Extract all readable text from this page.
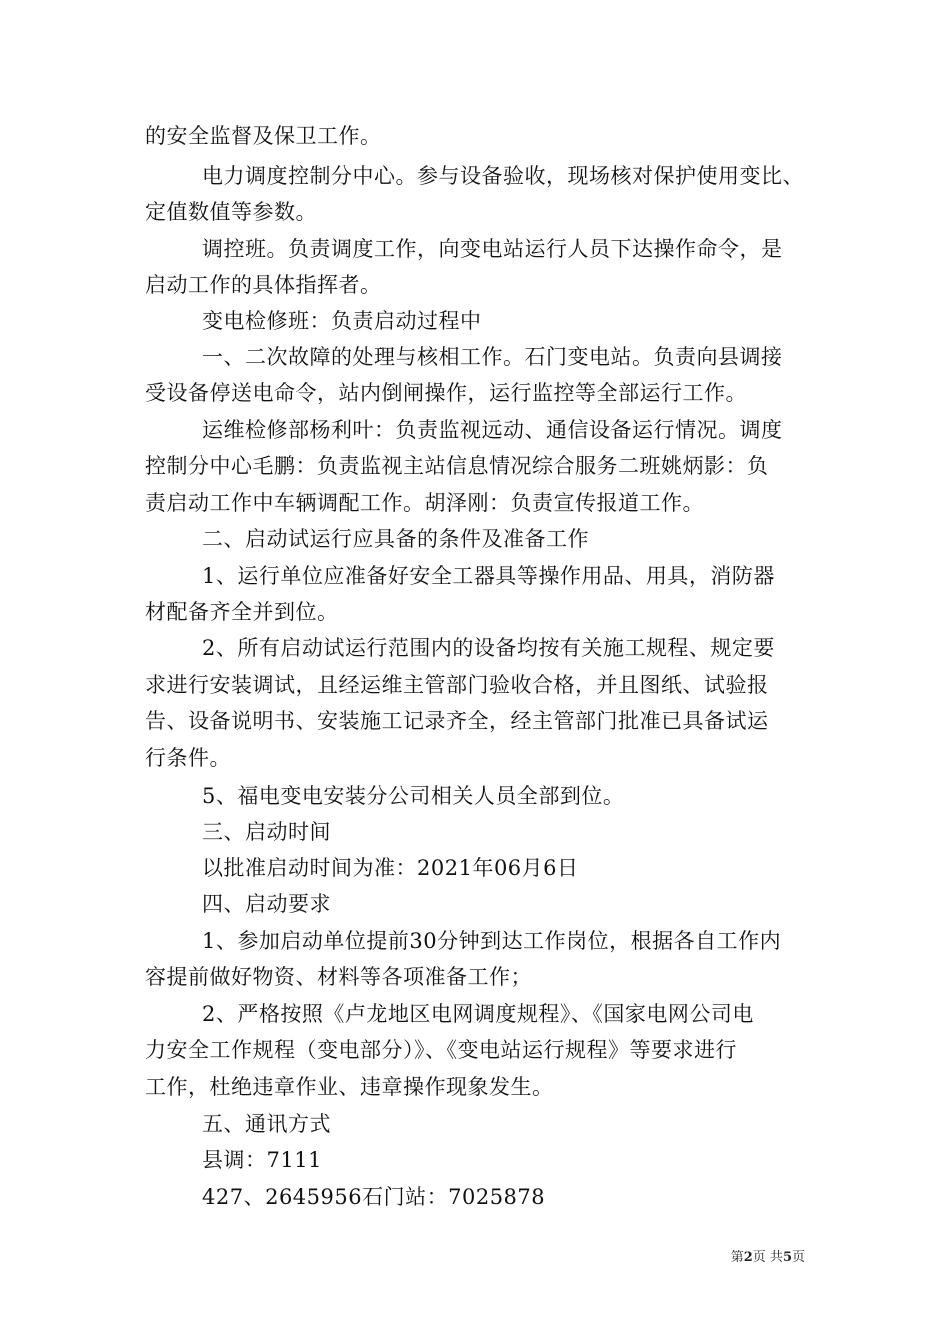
的安全监督及保卫工作。
电力调度控制分中心。参与设备验收，现场核对保护使用变比、
定值数值等参数。
调控班。负责调度工作，向变电站运行人员下达操作命令，是
启动工作的具体指挥者。
变电检修班：负责启动过程中
一、二次故障的处理与核相工作。石门变电站。负责向县调接
受设备停送电命令，站内倒闸操作，运行监控等全部运行工作。
运维检修部杨利叶：负责监视远动、通信设备运行情况。调度
控制分中心毛鹏：负责监视主站信息情况综合服务二班姚炳影：负
责启动工作中车辆调配工作。胡泽刚：负责宣传报道工作。
二、启动试运行应具备的条件及准备工作
1、运行单位应准备好安全工器具等操作用品、用具，消防器
材配备齐全并到位。
2、所有启动试运行范围内的设备均按有关施工规程、规定要
求进行安装调试，且经运维主管部门验收合格，并且图纸、试验报
告、设备说明书、安装施工记录齐全，经主管部门批准已具备试运
行条件。
5、福电变电安装分公司相关人员全部到位。
三、启动时间
以批准启动时间为准：2021年06月6日
四、启动要求
1、参加启动单位提前30分钟到达工作岗位，根据各自工作内
容提前做好物资、材料等各项准备工作；
2、严格按照《卢龙地区电网调度规程》、《国家电网公司电
力安全工作规程（变电部分）》、《变电站运行规程》等要求进行
工作，杜绝违章作业、违章操作现象发生。
五、通讯方式
县调：7111
427、2645956石门站：7025878
第2页 共5页
